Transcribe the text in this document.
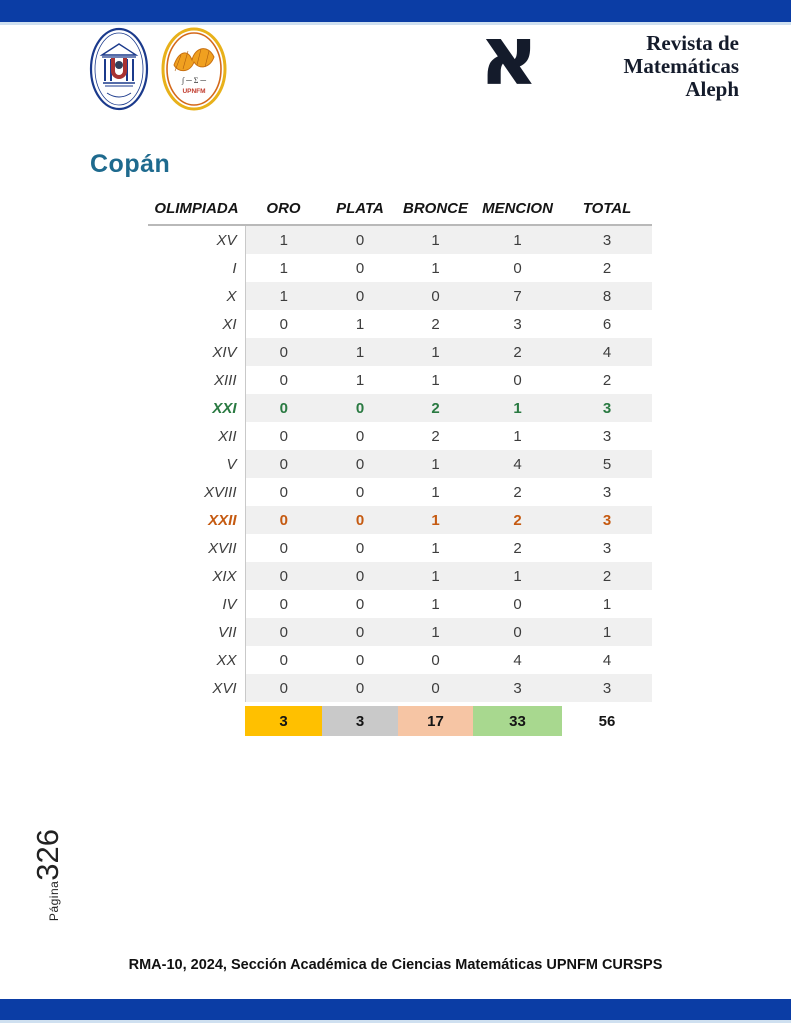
∫ ─ Σ ─
UPNFM	א	Revista de
Matemáticas
Aleph
Copán
OLIMPIADA	ORO	PLATA	BRONCE	MENCION	TOTAL
XV	1	0	1	1	3
I	1	0	1	0	2
X	1	0	0	7	8
XI	0	1	2	3	6
XIV	0	1	1	2	4
XIII	0	1	1	0	2
XXI	0	0	2	1	3
XII	0	0	2	1	3
V	0	0	1	4	5
XVIII	0	0	1	2	3
XXII	0	0	1	2	3
XVII	0	0	1	2	3
XIX	0	0	1	1	2
IV	0	0	1	0	1
VII	0	0	1	0	1
XX	0	0	0	4	4
XVI	0	0	0	3	3

	3	3	17	33	56
Página
326
RMA-10, 2024, Sección Académica de Ciencias Matemáticas UPNFM CURSPS
